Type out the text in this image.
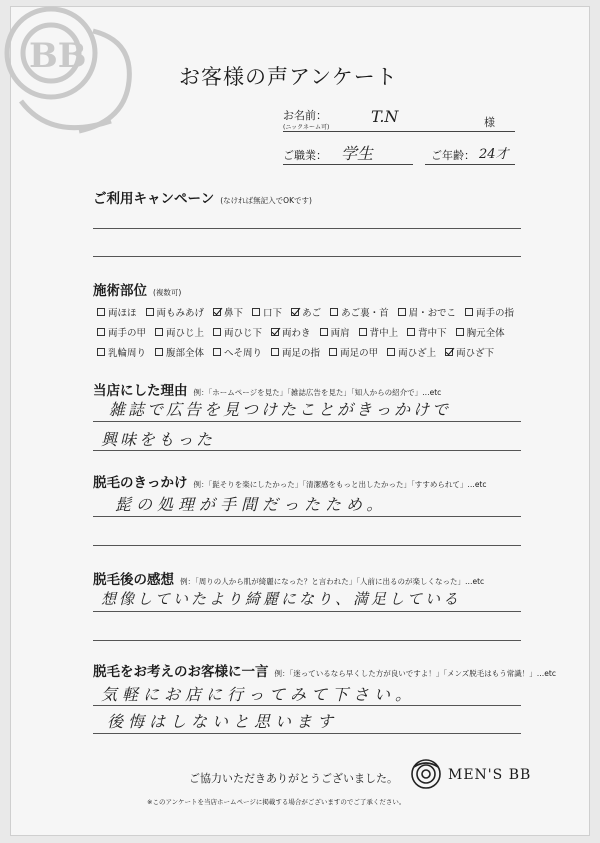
BB
お客様の声アンケート
お名前：
(ニックネーム可)
T.N	様
ご職業： 学生	ご年齢： 24才
ご利用キャンペーン (なければ無記入でOKです)
施術部位 (複数可)
両ほほ 両もみあげ 鼻下 口下 あご あご裏・首 眉・おでこ 両手の指
両手の甲 両ひじ上 両ひじ下 両わき 両肩 背中上 背中下 胸元全体
乳輪周り 腹部全体 へそ周り 両足の指 両足の甲 両ひざ上 両ひざ下
当店にした理由 例：「ホームページを見た」「雑誌広告を見た」「知人からの紹介で」…etc
雑誌で広告を見つけたことがきっかけで
興味をもった
脱毛のきっかけ 例：「髭そりを楽にしたかった」「清潔感をもっと出したかった」「すすめられて」…etc
髭の処理が手間だったため。
脱毛後の感想 例：「周りの人から肌が綺麗になった？と言われた」「人前に出るのが楽しくなった」…etc
想像していたより綺麗になり、満足している
脱毛をお考えのお客様に一言 例：「迷っているなら早くした方が良いですよ！」「メンズ脱毛はもう常識！」…etc
気軽にお店に行ってみて下さい。
後悔はしないと思います
ご協力いただきありがとうございました。	MEN'S BB
※このアンケートを当店ホームページに掲載する場合がございますのでご了承ください。
